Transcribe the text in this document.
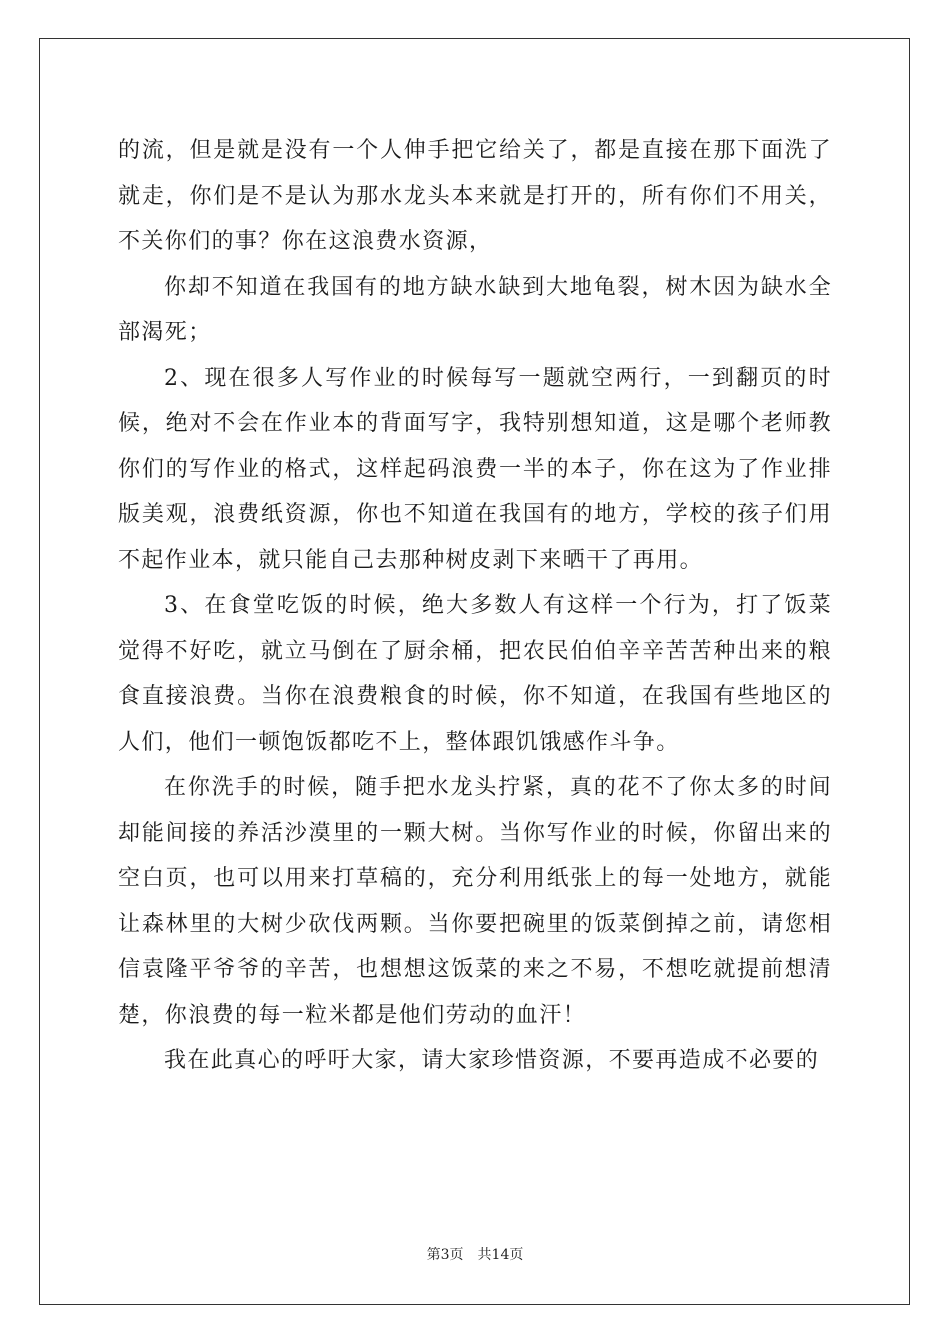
的流，但是就是没有一个人伸手把它给关了，都是直接在那下面洗了就走，你们是不是认为那水龙头本来就是打开的，所有你们不用关，不关你们的事？你在这浪费水资源，

你却不知道在我国有的地方缺水缺到大地龟裂，树木因为缺水全部渴死；

2、现在很多人写作业的时候每写一题就空两行，一到翻页的时候，绝对不会在作业本的背面写字，我特别想知道，这是哪个老师教你们的写作业的格式，这样起码浪费一半的本子，你在这为了作业排版美观，浪费纸资源，你也不知道在我国有的地方，学校的孩子们用不起作业本，就只能自己去那种树皮剥下来晒干了再用。

3、在食堂吃饭的时候，绝大多数人有这样一个行为，打了饭菜觉得不好吃，就立马倒在了厨余桶，把农民伯伯辛辛苦苦种出来的粮食直接浪费。当你在浪费粮食的时候，你不知道，在我国有些地区的人们，他们一顿饱饭都吃不上，整体跟饥饿感作斗争。

在你洗手的时候，随手把水龙头拧紧，真的花不了你太多的时间却能间接的养活沙漠里的一颗大树。当你写作业的时候，你留出来的空白页，也可以用来打草稿的，充分利用纸张上的每一处地方，就能让森林里的大树少砍伐两颗。当你要把碗里的饭菜倒掉之前，请您相信袁隆平爷爷的辛苦，也想想这饭菜的来之不易，不想吃就提前想清楚，你浪费的每一粒米都是他们劳动的血汗！

我在此真心的呼吁大家，请大家珍惜资源，不要再造成不必要的

第3页 共14页
